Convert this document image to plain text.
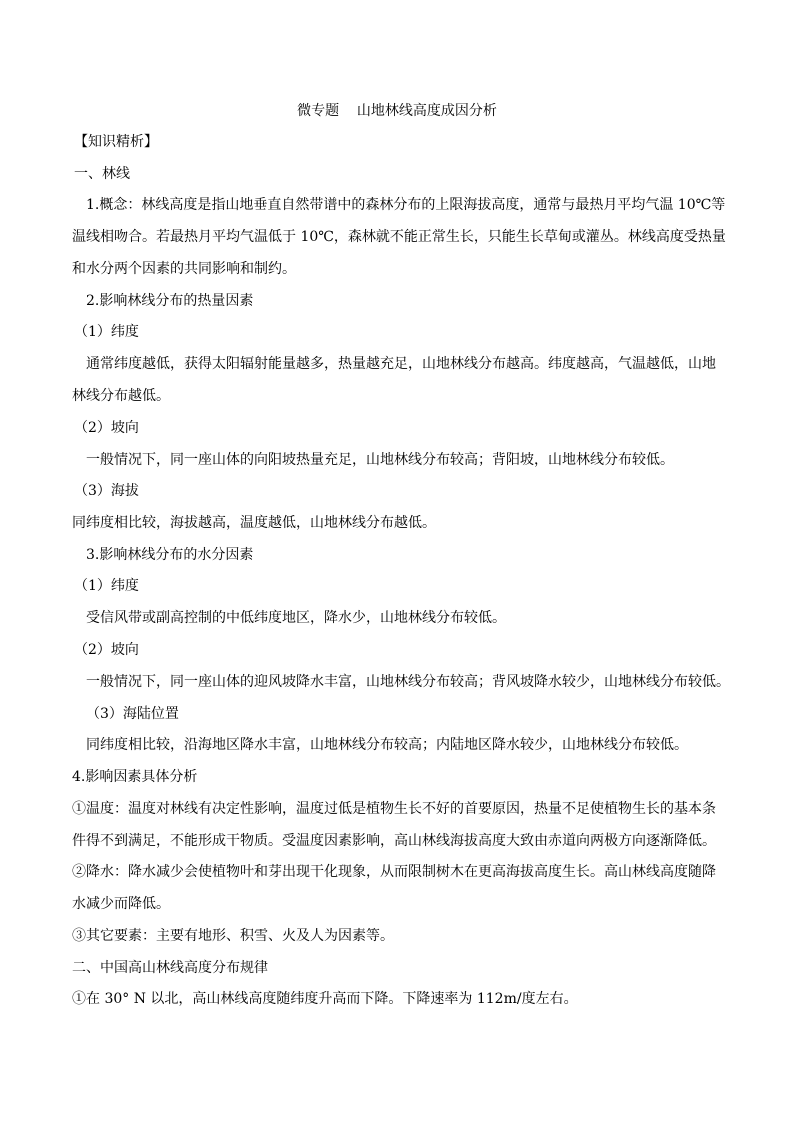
微专题    山地林线高度成因分析
【知识精析】
一、林线
1.概念：林线高度是指山地垂直自然带谱中的森林分布的上限海拔高度，通常与最热月平均气温 10℃等
温线相吻合。若最热月平均气温低于 10℃，森林就不能正常生长，只能生长草甸或灌丛。林线高度受热量
和水分两个因素的共同影响和制约。
2.影响林线分布的热量因素
（1）纬度
通常纬度越低，获得太阳辐射能量越多，热量越充足，山地林线分布越高。纬度越高，气温越低，山地
林线分布越低。
（2）坡向
一般情况下，同一座山体的向阳坡热量充足，山地林线分布较高；背阳坡，山地林线分布较低。
（3）海拔
同纬度相比较，海拔越高，温度越低，山地林线分布越低。
3.影响林线分布的水分因素
（1）纬度
受信风带或副高控制的中低纬度地区，降水少，山地林线分布较低。
（2）坡向
一般情况下，同一座山体的迎风坡降水丰富，山地林线分布较高；背风坡降水较少，山地林线分布较低。
（3）海陆位置
同纬度相比较，沿海地区降水丰富，山地林线分布较高；内陆地区降水较少，山地林线分布较低。
4.影响因素具体分析
①温度：温度对林线有决定性影响，温度过低是植物生长不好的首要原因，热量不足使植物生长的基本条
件得不到满足，不能形成干物质。受温度因素影响，高山林线海拔高度大致由赤道向两极方向逐渐降低。
②降水：降水减少会使植物叶和芽出现干化现象，从而限制树木在更高海拔高度生长。高山林线高度随降
水减少而降低。
③其它要素：主要有地形、积雪、火及人为因素等。
二、中国高山林线高度分布规律
①在 30° N 以北，高山林线高度随纬度升高而下降。下降速率为 112m/度左右。
